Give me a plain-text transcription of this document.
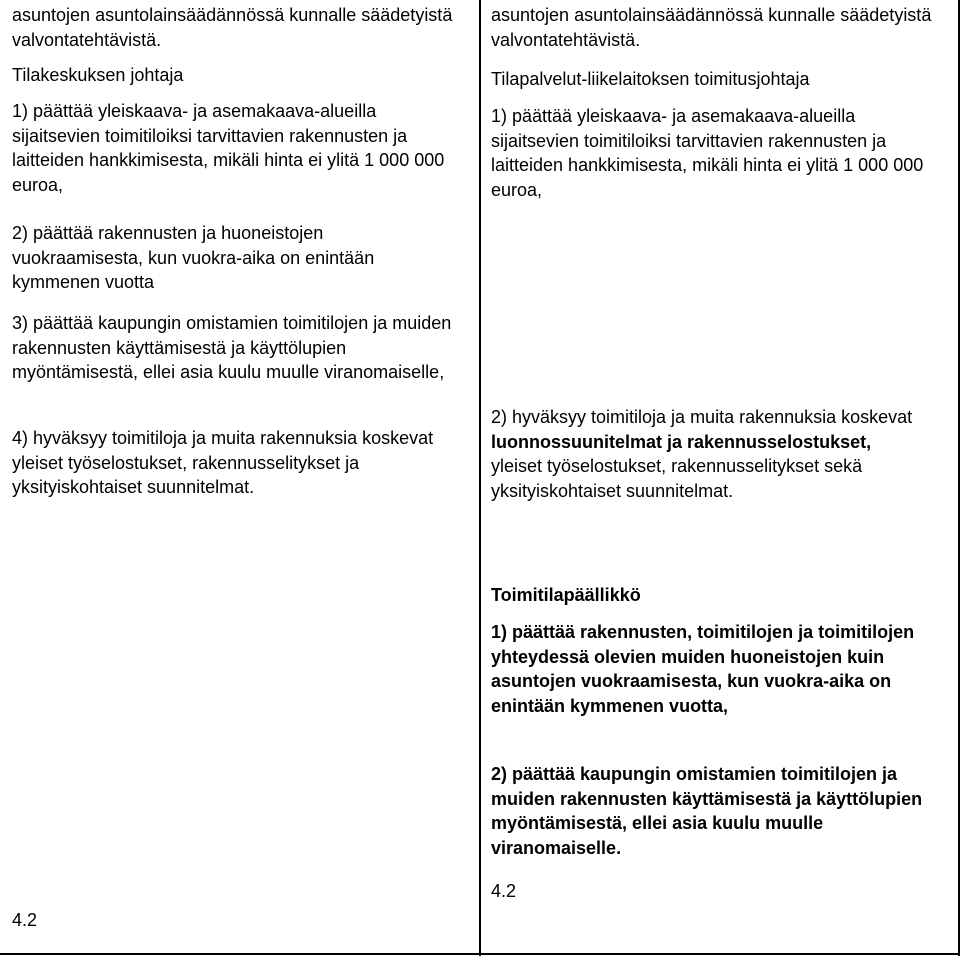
asuntojen asuntolainsäädännössä kunnalle säädetyistä valvontatehtävistä.

Tilakeskuksen johtaja

1) päättää yleiskaava- ja asemakaava-alueilla sijaitsevien toimitiloiksi tarvittavien rakennusten ja laitteiden hankkimisesta, mikäli hinta ei ylitä 1 000 000 euroa,

2) päättää rakennusten ja huoneistojen vuokraamisesta, kun vuokra-aika on enintään kymmenen vuotta

3) päättää kaupungin omistamien toimitilojen ja muiden rakennusten käyttämisestä ja käyttölupien myöntämisestä, ellei asia kuulu muulle viranomaiselle,

4) hyväksyy toimitiloja ja muita rakennuksia koskevat yleiset työselostukset, rakennusselitykset ja yksityiskohtaiset suunnitelmat.

4.2

asuntojen asuntolainsäädännössä kunnalle säädetyistä valvontatehtävistä.

Tilapalvelut-liikelaitoksen toimitusjohtaja

1) päättää yleiskaava- ja asemakaava-alueilla sijaitsevien toimitiloiksi tarvittavien rakennusten ja laitteiden hankkimisesta, mikäli hinta ei ylitä 1 000 000 euroa,

2) hyväksyy toimitiloja ja muita rakennuksia koskevat luonnossuunitelmat ja rakennusselostukset, yleiset työselostukset, rakennusselitykset sekä yksityiskohtaiset suunnitelmat.

Toimitilapäällikkö

1) päättää rakennusten, toimitilojen ja toimitilojen yhteydessä olevien muiden huoneistojen kuin asuntojen vuokraamisesta, kun vuokra-aika on enintään kymmenen vuotta,

2) päättää kaupungin omistamien toimitilojen ja muiden rakennusten käyttämisestä ja käyttölupien myöntämisestä, ellei asia kuulu muulle viranomaiselle.

4.2
